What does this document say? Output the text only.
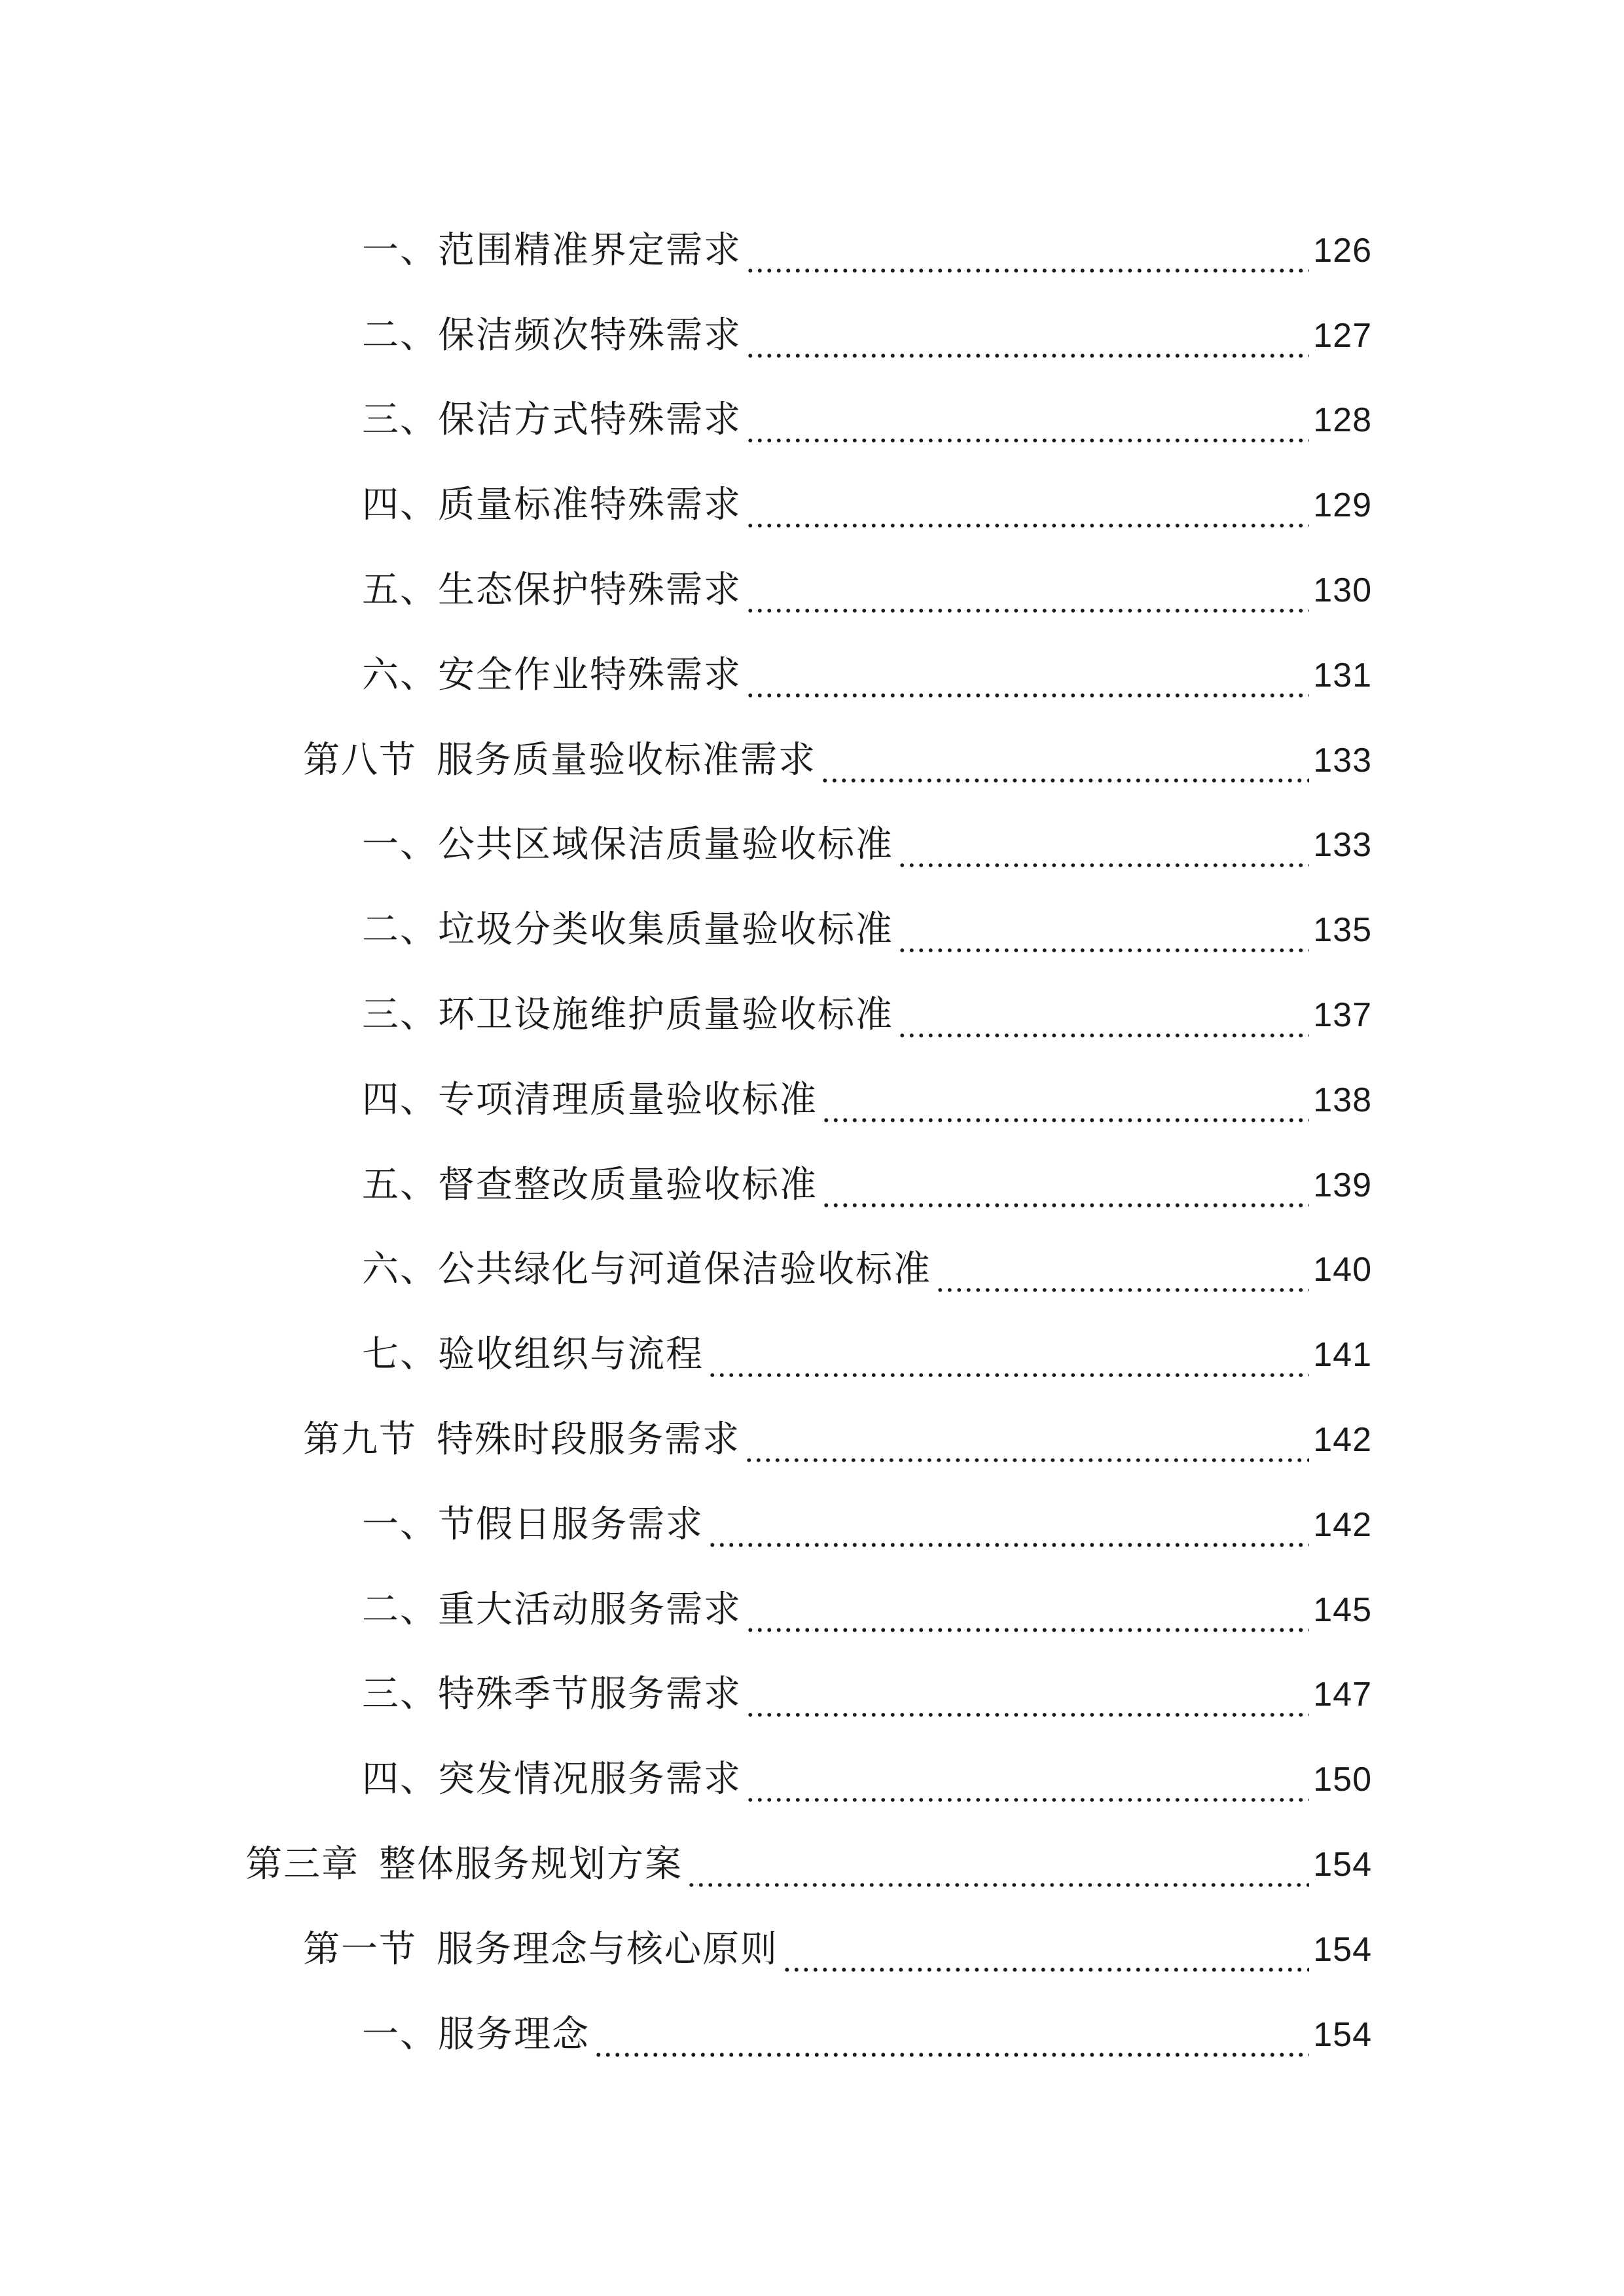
一、范围精准界定需求	126
二、保洁频次特殊需求	127
三、保洁方式特殊需求	128
四、质量标准特殊需求	129
五、生态保护特殊需求	130
六、安全作业特殊需求	131
第八节 服务质量验收标准需求	133
一、公共区域保洁质量验收标准	133
二、垃圾分类收集质量验收标准	135
三、环卫设施维护质量验收标准	137
四、专项清理质量验收标准	138
五、督查整改质量验收标准	139
六、公共绿化与河道保洁验收标准	140
七、验收组织与流程	141
第九节 特殊时段服务需求	142
一、节假日服务需求	142
二、重大活动服务需求	145
三、特殊季节服务需求	147
四、突发情况服务需求	150
第三章 整体服务规划方案	154
第一节 服务理念与核心原则	154
一、服务理念	154
